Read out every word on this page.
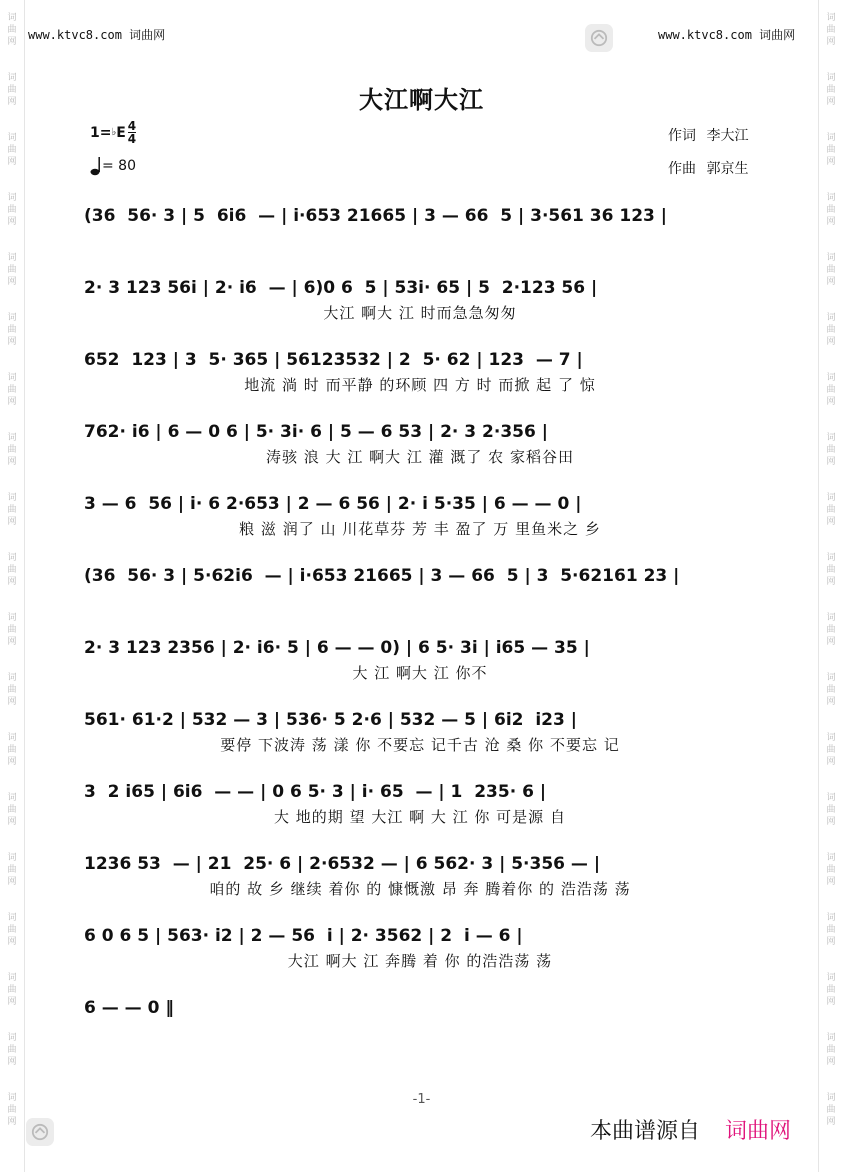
词
曲
网
词
曲
网
词
曲
网
词
曲
网
词
曲
网
词
曲
网
词
曲
网
词
曲
网
词
曲
网
词
曲
网
词
曲
网
词
曲
网
词
曲
网
词
曲
网
词
曲
网
词
曲
网
词
曲
网
词
曲
网
词
曲
网
词
曲
网
词
曲
网
词
曲
网
词
曲
网
词
曲
网
词
曲
网
词
曲
网
词
曲
网
词
曲
网
词
曲
网
词
曲
网
词
曲
网
词
曲
网
词
曲
网
词
曲
网
词
曲
网
词
曲
网
词
曲
网
词
曲
网
www.ktvc8.com 词曲网	www.ktvc8.com 词曲网
大江啊大江
1= ♭ E $\frac{4}{4}$
= 80
作词 李大江
作曲 郭京生
(36  56· 3 | 5  6i6  — | i·653 21665 | 3 — 66  5 | 3·561 36 123 |
2· 3 123 56i | 2· i6  — | 6)0 6  5 | 53i· 65 | 5  2·123 56 |
大江 啊大 江 时而急急匆匆
652  123 | 3  5· 365 | 56123532 | 2  5· 62 | 123  — 7 |
地流 淌 时 而平静 的环顾 四 方 时 而掀 起 了 惊
762· i6 | 6 — 0 6 | 5· 3i· 6 | 5 — 6 53 | 2· 3 2·356 |
涛骇 浪 大 江 啊大 江 灌 溉了 农 家稻谷田
3 — 6  56 | i· 6 2·653 | 2 — 6 56 | 2· i 5·35 | 6 — — 0 |
粮 滋 润了 山 川花草芬 芳 丰 盈了 万 里鱼米之 乡
(36  56· 3 | 5·62i6  — | i·653 21665 | 3 — 66  5 | 3  5·62161 23 |
2· 3 123 2356 | 2· i6· 5 | 6 — — 0) | 6 5· 3i | i65 — 35 |
大 江 啊大 江 你不
561· 61·2 | 532 — 3 | 536· 5 2·6 | 532 — 5 | 6i2  i23 |
要停 下波涛 荡 漾 你 不要忘 记千古 沧 桑 你 不要忘 记
3  2 i65 | 6i6  — — | 0 6 5· 3 | i· 65  — | 1  235· 6 |
大 地的期 望 大江 啊 大 江 你 可是源 自
1236 53  — | 21  25· 6 | 2·6532 — | 6 562· 3 | 5·356 — |
咱的 故 乡 继续 着你 的 慷慨激 昂 奔 腾着你 的 浩浩荡 荡
6 0 6 5 | 563· i2 | 2 — 56  i | 2· 3562 | 2  i — 6 |
大江 啊大 江 奔腾 着 你 的浩浩荡 荡
6 — — 0 ‖
-1-
本曲谱源自 词曲网
